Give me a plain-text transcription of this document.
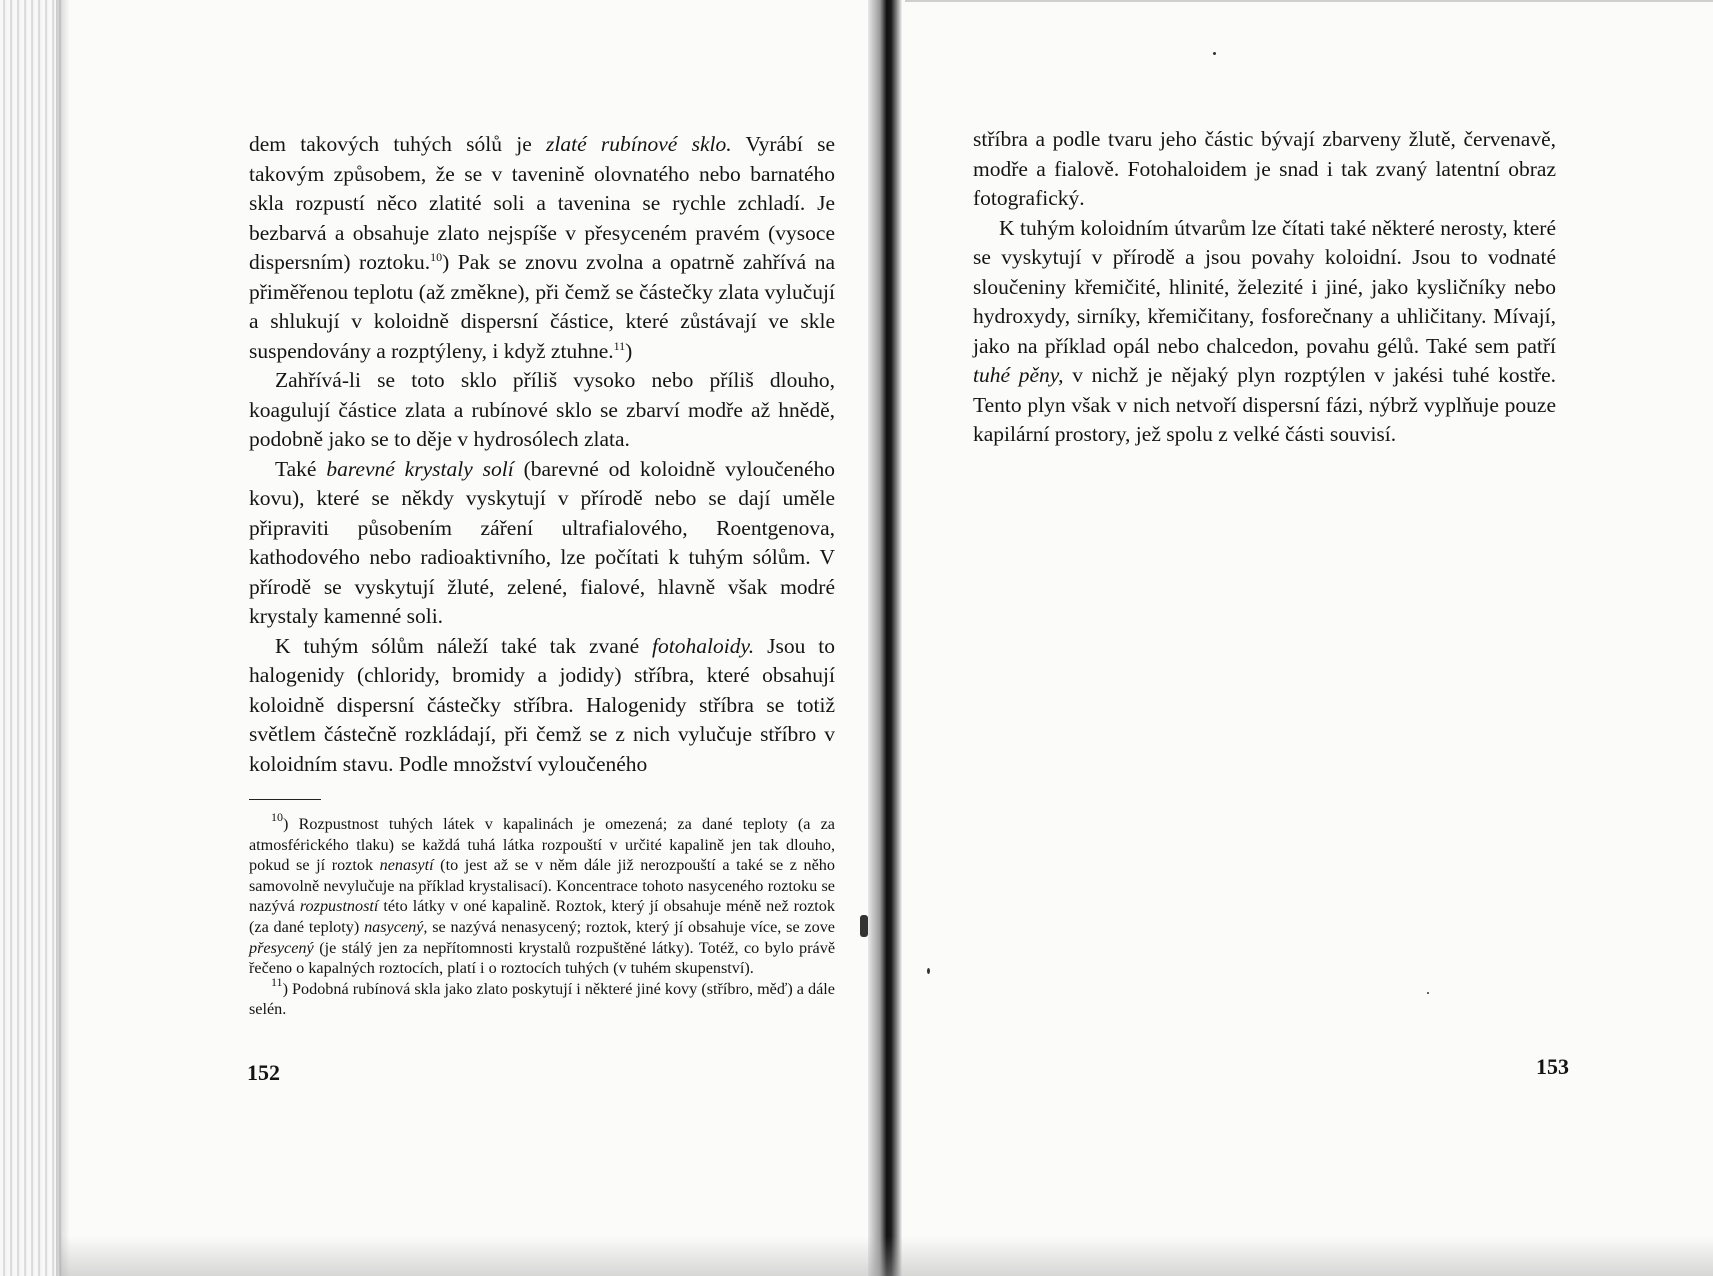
dem takových tuhých sólů je zlaté rubínové sklo. Vyrábí se takovým způsobem, že se v tavenině olovnatého nebo barnatého skla rozpustí něco zlatité soli a tavenina se rychle zchladí. Je bezbarvá a obsahuje zlato nejspíše v přesyceném pravém (vysoce dispersním) roztoku.$^{10}$) Pak se znovu zvolna a opatrně zahřívá na přiměřenou teplotu (až změkne), při čemž se částečky zlata vylučují a shlukují v koloidně dispersní částice, které zůstávají ve skle suspendovány a rozptýleny, i když ztuhne.$^{11}$)

Zahřívá-li se toto sklo příliš vysoko nebo příliš dlouho, koagulují částice zlata a rubínové sklo se zbarví modře až hnědě, podobně jako se to děje v hydrosólech zlata.

Také barevné krystaly solí (barevné od koloidně vyloučeného kovu), které se někdy vyskytují v přírodě nebo se dají uměle připraviti působením záření ultrafialového, Roentgenova, kathodového nebo radioaktivního, lze počítati k tuhým sólům. V přírodě se vyskytují žluté, zelené, fialové, hlavně však modré krystaly kamenné soli.

K tuhým sólům náleží také tak zvané fotohaloidy. Jsou to halogenidy (chloridy, bromidy a jodidy) stříbra, které obsahují koloidně dispersní částečky stříbra. Halogenidy stříbra se totiž světlem částečně rozkládají, při čemž se z nich vylučuje stříbro v koloidním stavu. Podle množství vyloučeného

$^{10}$) Rozpustnost tuhých látek v kapalinách je omezená; za dané teploty (a za atmosférického tlaku) se každá tuhá látka rozpouští v určité kapalině jen tak dlouho, pokud se jí roztok nenasytí (to jest až se v něm dále již nerozpouští a také se z něho samovolně nevylučuje na příklad krystalisací). Koncentrace tohoto nasyceného roztoku se nazývá rozpustností této látky v oné kapalině. Roztok, který jí obsahuje méně než roztok (za dané teploty) nasycený, se nazývá nenasycený; roztok, který jí obsahuje více, se zove přesycený (je stálý jen za nepřítomnosti krystalů rozpuštěné látky). Totéž, co bylo právě řečeno o kapalných roztocích, platí i o roztocích tuhých (v tuhém skupenství).

$^{11}$) Podobná rubínová skla jako zlato poskytují i některé jiné kovy (stříbro, měď) a dále selén.

152

stříbra a podle tvaru jeho částic bývají zbarveny žlutě, červenavě, modře a fialově. Fotohaloidem je snad i tak zvaný latentní obraz fotografický.

K tuhým koloidním útvarům lze čítati také některé nerosty, které se vyskytují v přírodě a jsou povahy koloidní. Jsou to vodnaté sloučeniny křemičité, hlinité, železité i jiné, jako kysličníky nebo hydroxydy, sirníky, křemičitany, fosforečnany a uhličitany. Mívají, jako na příklad opál nebo chalcedon, povahu gélů. Také sem patří tuhé pěny, v nichž je nějaký plyn rozptýlen v jakési tuhé kostře. Tento plyn však v nich netvoří dispersní fázi, nýbrž vyplňuje pouze kapilární prostory, jež spolu z velké části souvisí.

153
